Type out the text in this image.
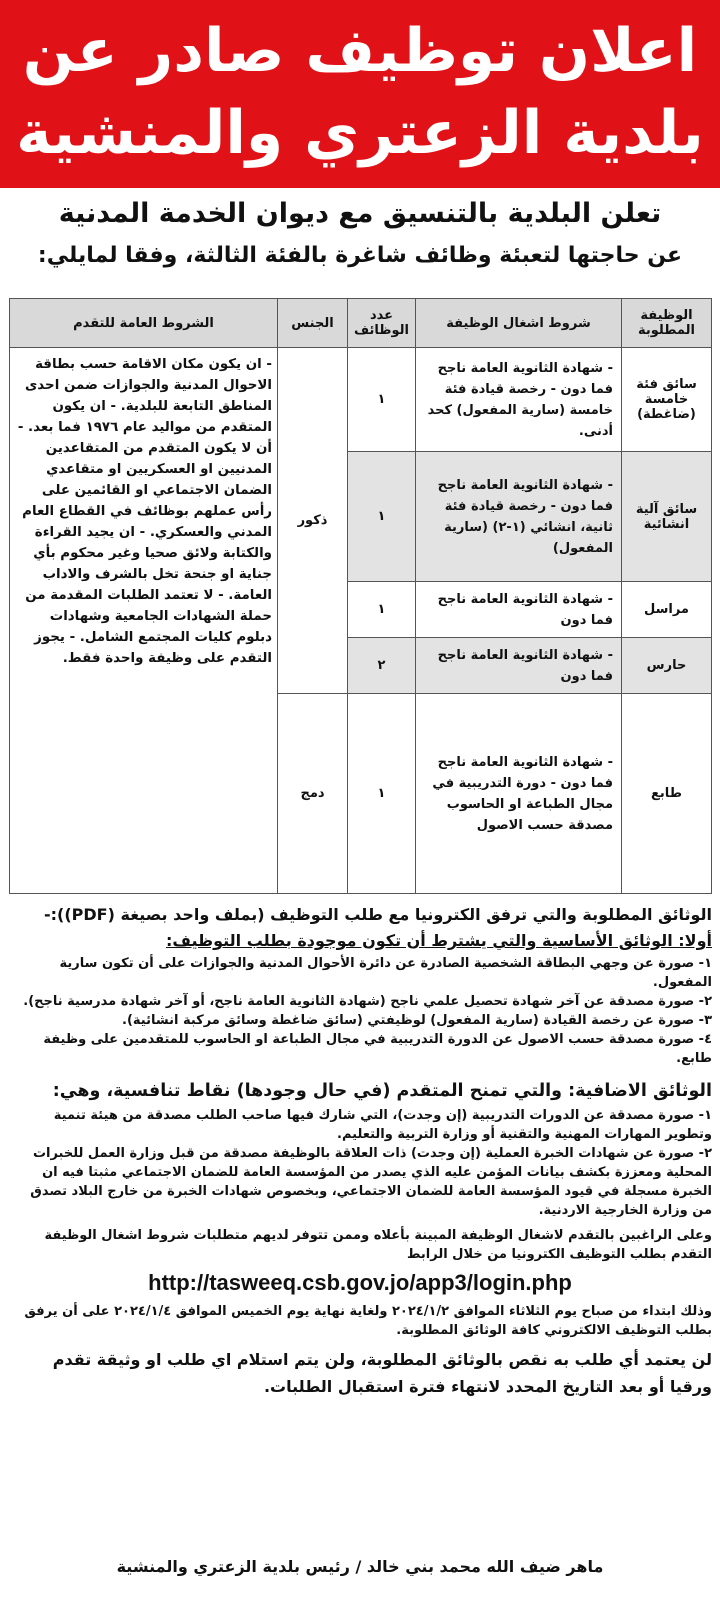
اعلان توظيف صادر عن
بلدية الزعتري والمنشية
تعلن البلدية بالتنسيق مع ديوان الخدمة المدنية
عن حاجتها لتعبئة وظائف شاغرة بالفئة الثالثة، وفقا لمايلي:
الوظيفة المطلوبة	شروط اشغال الوظيفة	عدد الوظائف	الجنس	الشروط العامة للتقدم
سائق فئة خامسة (ضاغطة)	- شهادة الثانوية العامة ناجح فما دون - رخصة قيادة فئة خامسة (سارية المفعول) كحد أدنى.	١	ذكور	- ان يكون مكان الاقامة حسب بطاقة الاحوال المدنية والجوازات ضمن احدى المناطق التابعة للبلدية. - ان يكون المتقدم من مواليد عام ١٩٧٦ فما بعد. - أن لا يكون المتقدم من المتقاعدين المدنيين او العسكريين او متقاعدي الضمان الاجتماعي او القائمين على رأس عملهم بوظائف في القطاع العام المدني والعسكري. - ان يجيد القراءة والكتابة ولائق صحيا وغير محكوم بأي جناية او جنحة تخل بالشرف والاداب العامة. - لا تعتمد الطلبات المقدمة من حملة الشهادات الجامعية وشهادات دبلوم كليات المجتمع الشامل. - يجوز التقدم على وظيفة واحدة فقط.
سائق آلية انشائية	- شهادة الثانوية العامة ناجح فما دون - رخصة قيادة فئة ثانية، انشائي (١-٢) (سارية المفعول)	١		
مراسل	- شهادة الثانوية العامة ناجح فما دون	١		
حارس	- شهادة الثانوية العامة ناجح فما دون	٢		
طابع	- شهادة الثانوية العامة ناجح فما دون - دورة التدريبية في مجال الطباعة او الحاسوب مصدقة حسب الاصول	١	دمج	

الوثائق المطلوبة والتي ترفق الكترونيا مع طلب التوظيف (بملف واحد بصيغة (PDF)):-

أولا: الوثائق الأساسية والتي يشترط أن تكون موجودة بطلب التوظيف:

١- صورة عن وجهي البطاقة الشخصية الصادرة عن دائرة الأحوال المدنية والجوازات على أن تكون سارية المفعول.

٢- صورة مصدقة عن آخر شهادة تحصيل علمي ناجح (شهادة الثانوية العامة ناجح، أو آخر شهادة مدرسية ناجح).

٣- صورة عن رخصة القيادة (سارية المفعول) لوظيفتي (سائق ضاغطة وسائق مركبة انشائية).

٤- صورة مصدقة حسب الاصول عن الدورة التدريبية في مجال الطباعة او الحاسوب للمتقدمين على وظيفة طابع.

الوثائق الاضافية: والتي تمنح المتقدم (في حال وجودها) نقاط تنافسية، وهي:

١- صورة مصدقة عن الدورات التدريبية (إن وجدت)، التي شارك فيها صاحب الطلب مصدقة من هيئة تنمية وتطوير المهارات المهنية والتقنية أو وزارة التربية والتعليم.

٢- صورة عن شهادات الخبرة العملية (إن وجدت) ذات العلاقة بالوظيفة مصدقة من قبل وزارة العمل للخبرات المحلية ومعززة بكشف بيانات المؤمن عليه الذي يصدر من المؤسسة العامة للضمان الاجتماعي مثبتا فيه ان الخبرة مسجلة في قيود المؤسسة العامة للضمان الاجتماعي، وبخصوص شهادات الخبرة من خارج البلاد تصدق من وزارة الخارجية الاردنية.

وعلى الراغبين بالتقدم لاشغال الوظيفة المبينة بأعلاه وممن تتوفر لديهم متطلبات شروط اشغال الوظيفة التقدم بطلب التوظيف الكترونيا من خلال الرابط

http://tasweeq.csb.gov.jo/app3/login.php

وذلك ابتداء من صباح يوم الثلاثاء الموافق ٢٠٢٤/١/٢ ولغاية نهاية يوم الخميس الموافق ٢٠٢٤/١/٤ على أن يرفق بطلب التوظيف الالكتروني كافة الوثائق المطلوبة.

لن يعتمد أي طلب به نقص بالوثائق المطلوبة، ولن يتم استلام اي طلب او وثيقة تقدم ورقيا أو بعد التاريخ المحدد لانتهاء فترة استقبال الطلبات.

ماهر ضيف الله محمد بني خالد / رئيس بلدية الزعتري والمنشية
